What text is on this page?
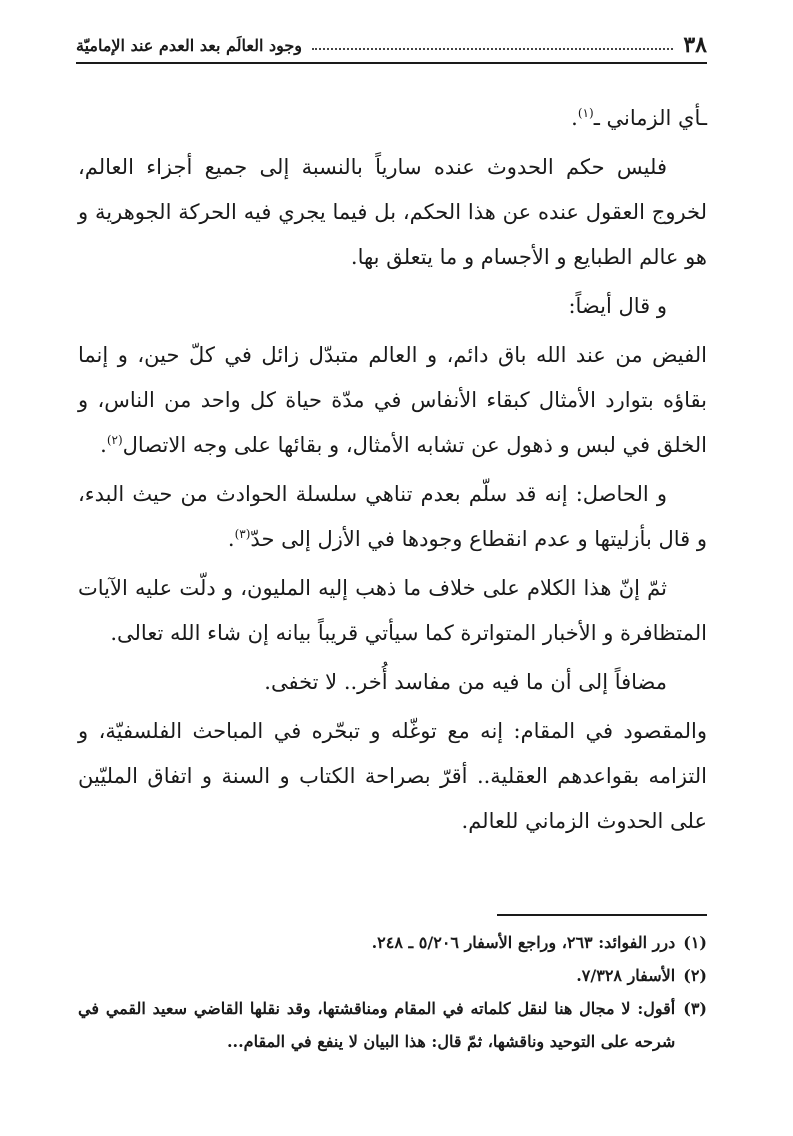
٣٨
وجود العالَم بعد العدم عند الإماميّة

ـأي الزماني ـ$^{(١)}$.

فليس حكم الحدوث عنده سارياً بالنسبة إلى جميع أجزاء العالم، لخروج العقول عنده عن هذا الحكم، بل فيما يجري فيه الحركة الجوهرية و هو عالم الطبايع و الأجسام و ما يتعلق بها.

و قال أيضاً:

الفيض من عند الله باق دائم، و العالم متبدّل زائل في كلّ حين، و إنما بقاؤه بتوارد الأمثال كبقاء الأنفاس في مدّة حياة كل واحد من الناس، و الخلق في لبس و ذهول عن تشابه الأمثال، و بقائها على وجه الاتصال$^{(٢)}$.

و الحاصل: إنه قد سلّم بعدم تناهي سلسلة الحوادث من حيث البدء، و قال بأزليتها و عدم انقطاع وجودها في الأزل إلى حدّ$^{(٣)}$.

ثمّ إنّ هذا الكلام على خلاف ما ذهب إليه المليون، و دلّت عليه الآيات المتظافرة و الأخبار المتواترة كما سيأتي قريباً بيانه إن شاء الله تعالى.

مضافاً إلى أن ما فيه من مفاسد أُخر.. لا تخفى.

والمقصود في المقام: إنه مع توغّله و تبحّره في المباحث الفلسفيّة، و التزامه بقواعدهم العقلية.. أقرّ بصراحة الكتاب و السنة و اتفاق المليّين على الحدوث الزماني للعالم.

(١)
درر الفوائد: ٢٦٣، وراجع الأسفار ٥/٢٠٦ ـ ٢٤٨.
(٢)
الأسفار ٧/٣٢٨.
(٣)
أقول: لا مجال هنا لنقل كلماته في المقام ومناقشتها، وقد نقلها القاضي سعيد القمي في شرحه على التوحيد وناقشها، ثمّ قال: هذا البيان لا ينفع في المقام...
